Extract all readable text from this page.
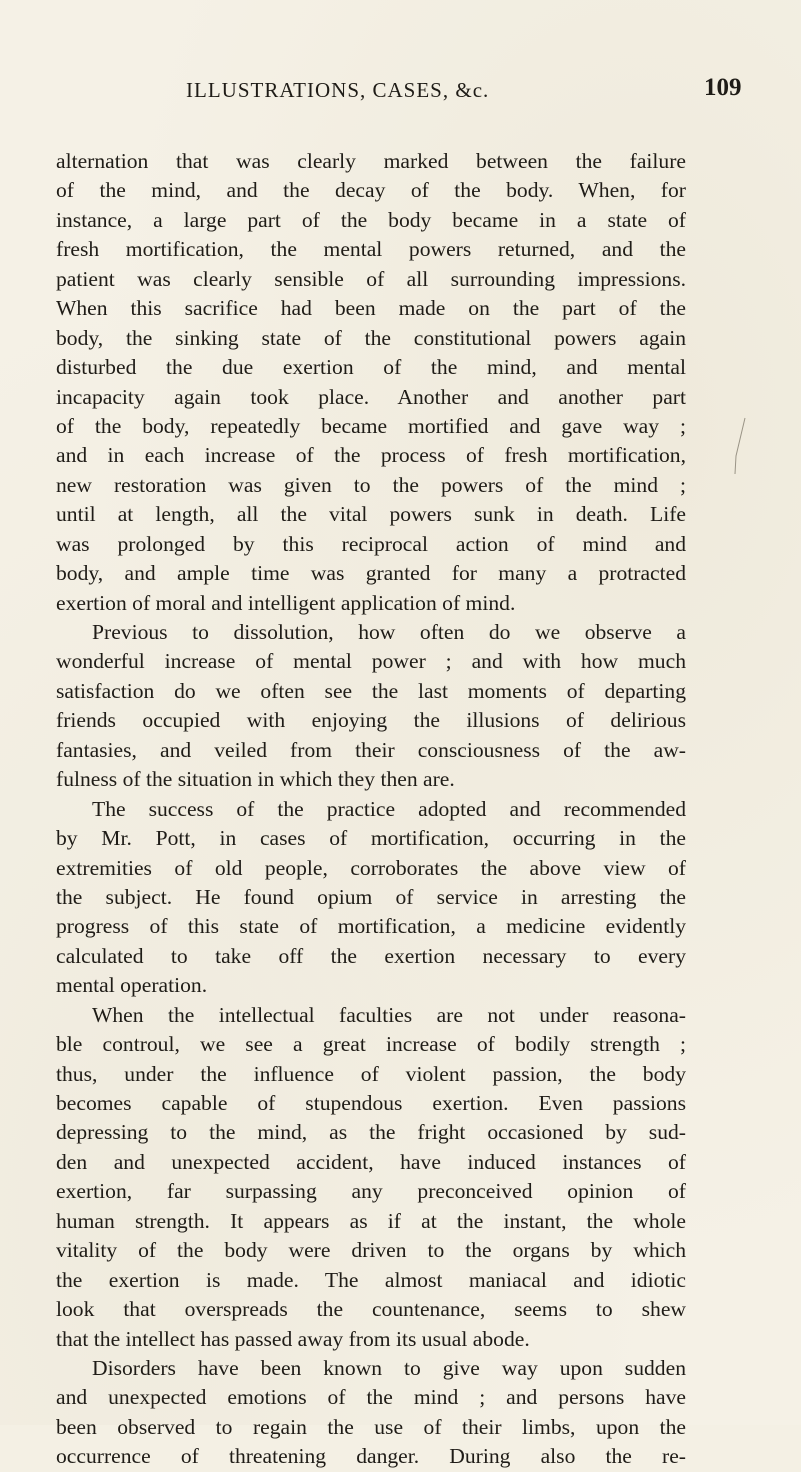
ILLUSTRATIONS, CASES, &c.	109
alternation that was clearly marked between the failure
of the mind, and the decay of the body. When, for
instance, a large part of the body became in a state of
fresh mortification, the mental powers returned, and the
patient was clearly sensible of all surrounding impressions.
When this sacrifice had been made on the part of the
body, the sinking state of the constitutional powers again
disturbed the due exertion of the mind, and mental
incapacity again took place. Another and another part
of the body, repeatedly became mortified and gave way ;
and in each increase of the process of fresh mortification,
new restoration was given to the powers of the mind ;
until at length, all the vital powers sunk in death. Life
was prolonged by this reciprocal action of mind and
body, and ample time was granted for many a protracted
exertion of moral and intelligent application of mind.
Previous to dissolution, how often do we observe a
wonderful increase of mental power ; and with how much
satisfaction do we often see the last moments of departing
friends occupied with enjoying the illusions of delirious
fantasies, and veiled from their consciousness of the aw-
fulness of the situation in which they then are.
The success of the practice adopted and recommended
by Mr. Pott, in cases of mortification, occurring in the
extremities of old people, corroborates the above view of
the subject. He found opium of service in arresting the
progress of this state of mortification, a medicine evidently
calculated to take off the exertion necessary to every
mental operation.
When the intellectual faculties are not under reasona-
ble controul, we see a great increase of bodily strength ;
thus, under the influence of violent passion, the body
becomes capable of stupendous exertion. Even passions
depressing to the mind, as the fright occasioned by sud-
den and unexpected accident, have induced instances of
exertion, far surpassing any preconceived opinion of
human strength. It appears as if at the instant, the whole
vitality of the body were driven to the organs by which
the exertion is made. The almost maniacal and idiotic
look that overspreads the countenance, seems to shew
that the intellect has passed away from its usual abode.
Disorders have been known to give way upon sudden
and unexpected emotions of the mind ; and persons have
been observed to regain the use of their limbs, upon the
occurrence of threatening danger. During also the re-
